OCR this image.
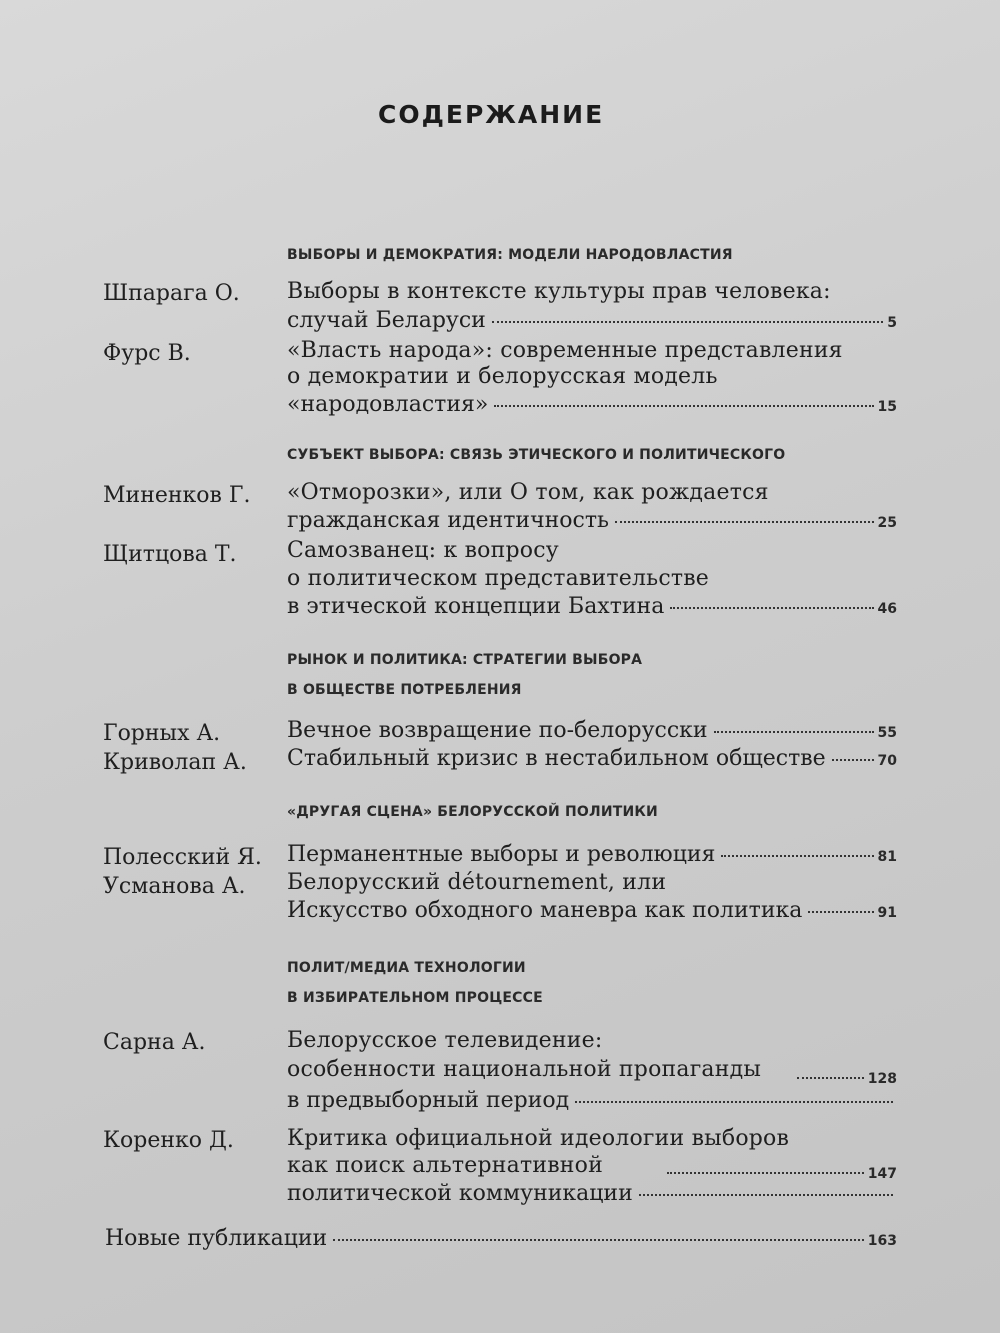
СОДЕРЖАНИЕ
ВЫБОРЫ И ДЕМОКРАТИЯ: МОДЕЛИ НАРОДОВЛАСТИЯ
Шпарага О. Выборы в контексте культуры прав человека:
случай Беларуси	5
Фурс В.	«Власть народа»: современные представления
о демократии и белорусская модель
«народовластия»	15
СУБЪЕКТ ВЫБОРА: СВЯЗЬ ЭТИЧЕСКОГО И ПОЛИТИЧЕСКОГО
Миненков Г. «Отморозки», или О том, как рождается
гражданская идентичность	25
Щитцова Т. Самозванец: к вопросу
о политическом представительстве
в этической концепции Бахтина	46
РЫНОК И ПОЛИТИКА: СТРАТЕГИИ ВЫБОРА
В ОБЩЕСТВЕ ПОТРЕБЛЕНИЯ
Горных А.	Вечное возвращение по-белорусски	55
Криволап А. Стабильный кризис в нестабильном обществе	70
«ДРУГАЯ СЦЕНА» БЕЛОРУССКОЙ ПОЛИТИКИ
Полесский Я. Перманентные выборы и революция	81
Усманова А. Белорусский détournement, или
Искусство обходного маневра как политика	91
ПОЛИТ/МЕДИА ТЕХНОЛОГИИ
В ИЗБИРАТЕЛЬНОМ ПРОЦЕССЕ
Сарна А.	Белорусское телевидение:
особенности национальной пропаганды	128
в предвыборный период
Коренко Д. Критика официальной идеологии выборов
как поиск альтернативной	147
политической коммуникации
Новые публикации	163
